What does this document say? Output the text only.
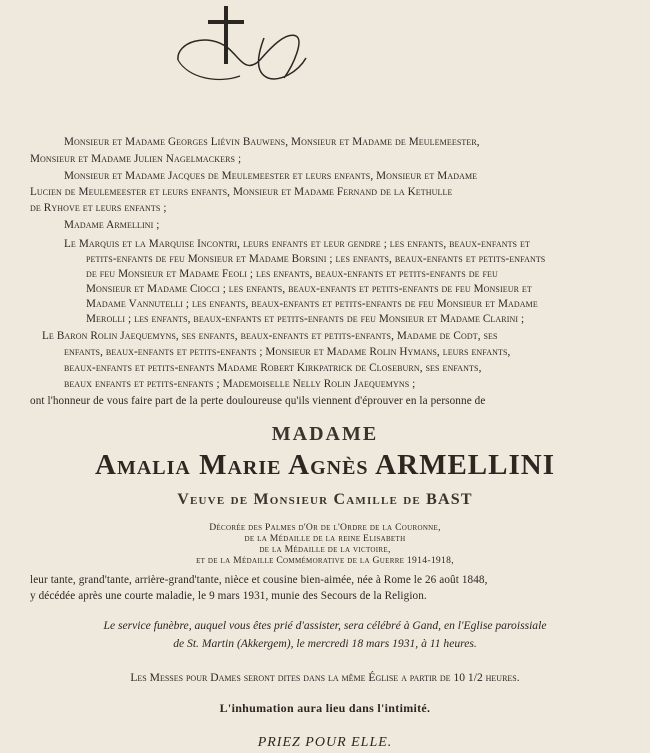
Monsieur et Madame Georges Liévin Bauwens, Monsieur et Madame de Meulemeester,
Monsieur et Madame Julien Nagelmackers ;
Monsieur et Madame Jacques de Meulemeester et leurs enfants, Monsieur et Madame
Lucien de Meulemeester et leurs enfants, Monsieur et Madame Fernand de la Kethulle
de Ryhove et leurs enfants ;
Madame Armellini ;
Le Marquis et la Marquise Incontri, leurs enfants et leur gendre ; les enfants, beaux-enfants et
petits-enfants de feu Monsieur et Madame Borsini ; les enfants, beaux-enfants et petits-enfants
de feu Monsieur et Madame Feoli ; les enfants, beaux-enfants et petits-enfants de feu
Monsieur et Madame Ciocci ; les enfants, beaux-enfants et petits-enfants de feu Monsieur et
Madame Vannutelli ; les enfants, beaux-enfants et petits-enfants de feu Monsieur et Madame
Merolli ; les enfants, beaux-enfants et petits-enfants de feu Monsieur et Madame Clarini ;
Le Baron Rolin Jaequemyns, ses enfants, beaux-enfants et petits-enfants, Madame de Codt, ses
enfants, beaux-enfants et petits-enfants ; Monsieur et Madame Rolin Hymans, leurs enfants,
beaux-enfants et petits-enfants Madame Robert Kirkpatrick de Closeburn, ses enfants,
beaux enfants et petits-enfants ; Mademoiselle Nelly Rolin Jaequemyns ;
ont l'honneur de vous faire part de la perte douloureuse qu'ils viennent d'éprouver en la personne de
MADAME
Amalia Marie Agnès ARMELLINI
Veuve de Monsieur Camille de BAST
Décorée des Palmes d'Or de l'Ordre de la Couronne,
de la Médaille de la reine Elisabeth
de la Médaille de la victoire,
et de la Médaille Commémorative de la Guerre 1914-1918,
leur tante, grand'tante, arrière-grand'tante, nièce et cousine bien-aimée, née à Rome le 26 août 1848,
y décédée après une courte maladie, le 9 mars 1931, munie des Secours de la Religion.
Le service funèbre, auquel vous êtes prié d'assister, sera célébré à Gand, en l'Eglise paroissiale
de St. Martin (Akkergem), le mercredi 18 mars 1931, à 11 heures.
Les Messes pour Dames seront dites dans la même Église a partir de 10 1/2 heures.
L'inhumation aura lieu dans l'intimité.
PRIEZ POUR ELLE.
